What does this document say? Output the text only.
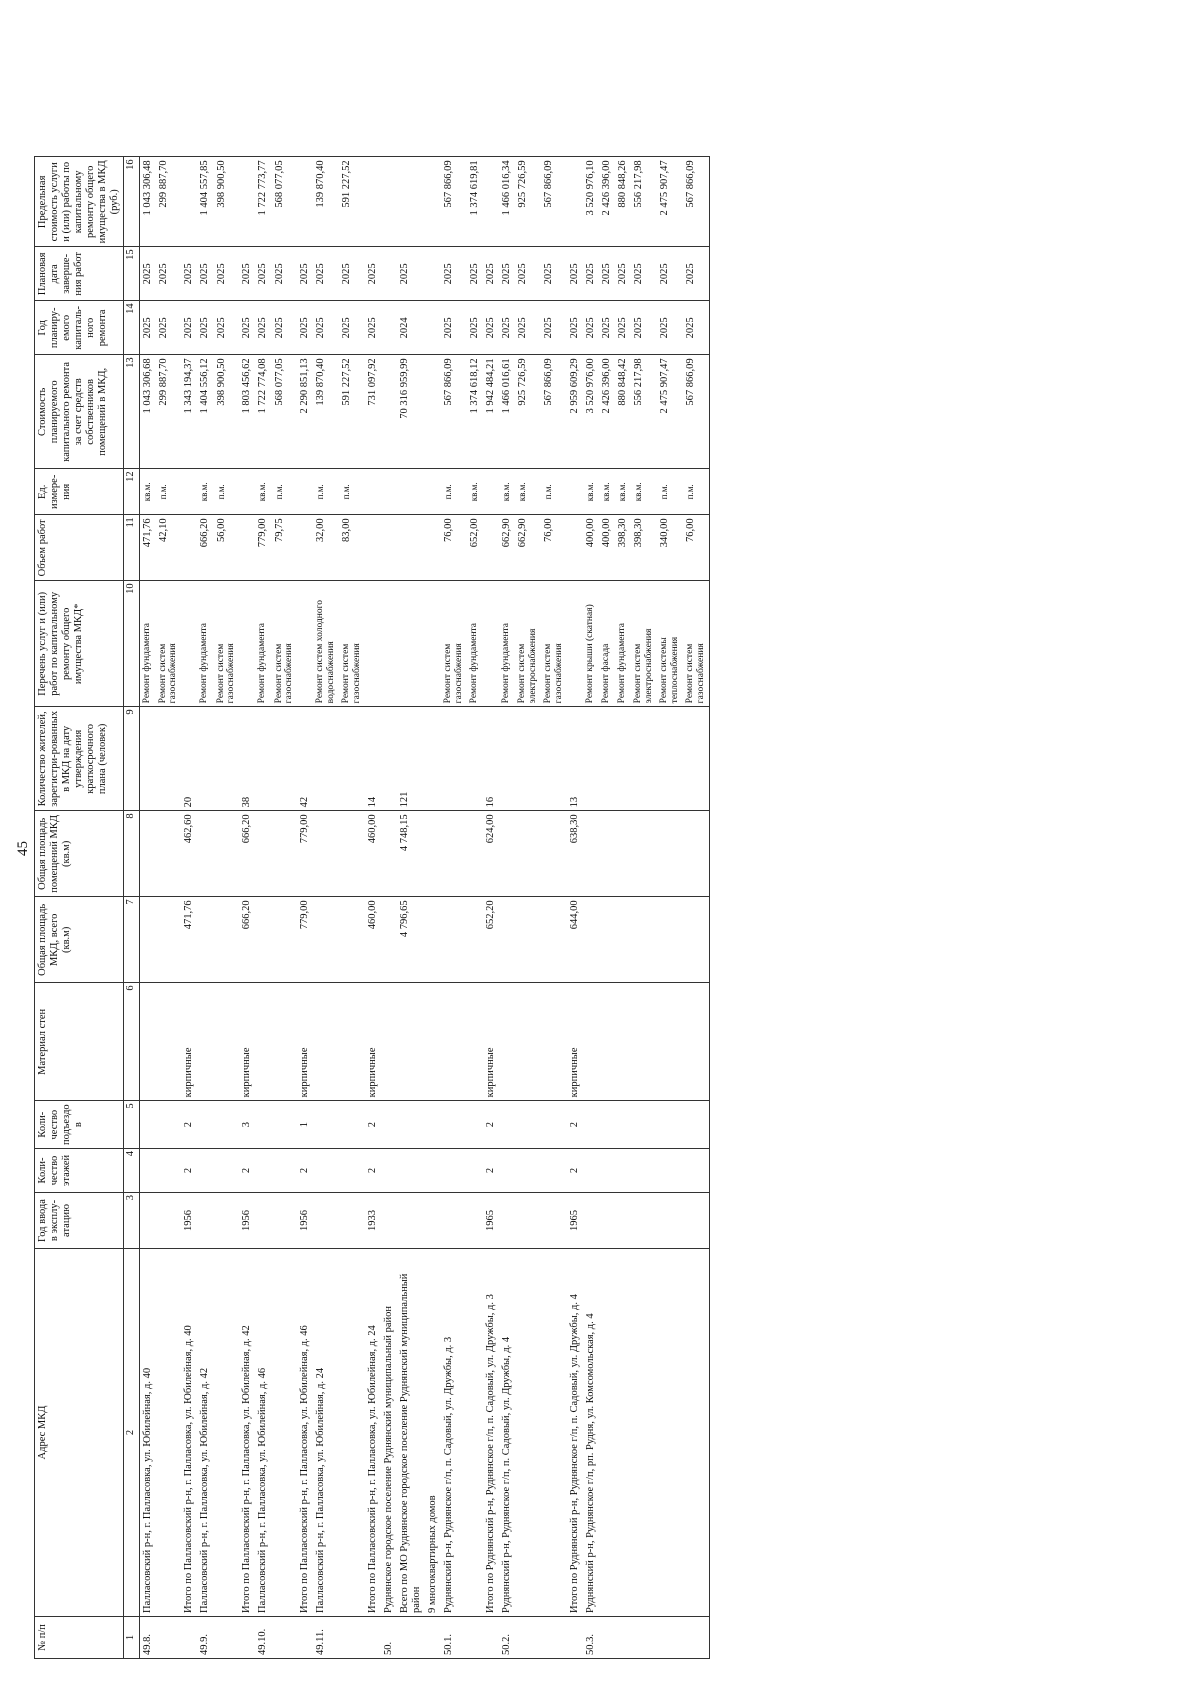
45
№ п/п	Адрес МКД	Год ввода в эксплу-атацию	Коли-чество этажей	Коли-чество подъездо в	Материал стен	Общая площадь МКД, всего (кв.м)	Общая площадь помещений МКД (кв.м)	Количество жителей, зарегистри-рованных в МКД на дату утверждения краткосрочного плана (человек)	Перечень услуг и (или) работ по капитальному ремонту общего имущества МКД*	Объем работ	Ед. измере-ния	Стоимость планируемого капитального ремонта за счет средств собственников помещений в МКД,	Год планиру-емого капиталь-ного ремонта	Плановая дата заверше-ния работ	Предельная стоимость услуги и (или) работы по капитальному ремонту общего имущества в МКД (руб.)
1	2	3	4	5	6	7	8	9	10	11	12	13	14	15	16
49.8.	Палласовский р-н, г. Палласовка, ул. Юбилейная, д. 40								Ремонт фундамента	471,76	кв.м.	1 043 306,68	2025	2025	1 043 306,48
									Ремонт систем газоснабжения	42,10	п.м.	299 887,70	2025	2025	299 887,70
	Итого по Палласовский р-н, г. Палласовка, ул. Юбилейная, д. 40	1956	2	2	кирпичные	471,76	462,60	20				1 343 194,37	2025	2025	
49.9.	Палласовский р-н, г. Палласовка, ул. Юбилейная, д. 42								Ремонт фундамента	666,20	кв.м.	1 404 556,12	2025	2025	1 404 557,85
									Ремонт систем газоснабжения	56,00	п.м.	398 900,50	2025	2025	398 900,50
	Итого по Палласовский р-н, г. Палласовка, ул. Юбилейная, д. 42	1956	2	3	кирпичные	666,20	666,20	38				1 803 456,62	2025	2025	
49.10.	Палласовский р-н, г. Палласовка, ул. Юбилейная, д. 46								Ремонт фундамента	779,00	кв.м.	1 722 774,08	2025	2025	1 722 773,77
									Ремонт систем газоснабжения	79,75	п.м.	568 077,05	2025	2025	568 077,05
	Итого по Палласовский р-н, г. Палласовка, ул. Юбилейная, д. 46	1956	2	1	кирпичные	779,00	779,00	42				2 290 851,13	2025	2025	
49.11.	Палласовский р-н, г. Палласовка, ул. Юбилейная, д. 24								Ремонт систем холодного водоснабжения	32,00	п.м.	139 870,40	2025	2025	139 870,40
									Ремонт систем газоснабжения	83,00	п.м.	591 227,52	2025	2025	591 227,52
	Итого по Палласовский р-н, г. Палласовка, ул. Юбилейная, д. 24	1933	2	2	кирпичные	460,00	460,00	14				731 097,92	2025	2025	
50.	Руднянское городское поселение Руднянский муниципальный район														
	Всего по МО Руднянское городское поселение Руднянский муниципальный район					4 796,65	4 748,15	121				70 316 959,99	2024	2025	
	9 многоквартирных домов														
50.1.	Руднянский р-н, Руднянское г/п, п. Садовый, ул. Дружбы, д. 3								Ремонт систем газоснабжения	76,00	п.м.	567 866,09	2025	2025	567 866,09
									Ремонт фундамента	652,00	кв.м.	1 374 618,12	2025	2025	1 374 619,81
	Итого по Руднянский р-н, Руднянское г/п, п. Садовый, ул. Дружбы, д. 3	1965	2	2	кирпичные	652,20	624,00	16				1 942 484,21	2025	2025	
50.2.	Руднянский р-н, Руднянское г/п, п. Садовый, ул. Дружбы, д. 4								Ремонт фундамента	662,90	кв.м.	1 466 016,61	2025	2025	1 466 016,34
									Ремонт систем электроснабжения	662,90	кв.м.	925 726,59	2025	2025	925 726,59
									Ремонт систем газоснабжения	76,00	п.м.	567 866,09	2025	2025	567 866,09
	Итого по Руднянский р-н, Руднянское г/п, п. Садовый, ул. Дружбы, д. 4	1965	2	2	кирпичные	644,00	638,30	13				2 959 609,29	2025	2025	
50.3.	Руднянский р-н, Руднянское г/п, рп. Рудня, ул. Комсомольская, д. 4								Ремонт крыши (скатная)	400,00	кв.м.	3 520 976,00	2025	2025	3 520 976,10
									Ремонт фасада	400,00	кв.м.	2 426 396,00	2025	2025	2 426 396,00
									Ремонт фундамента	398,30	кв.м.	880 848,42	2025	2025	880 848,26
									Ремонт систем электроснабжения	398,30	кв.м.	556 217,98	2025	2025	556 217,98
									Ремонт системы теплоснабжения	340,00	п.м.	2 475 907,47	2025	2025	2 475 907,47
									Ремонт систем газоснабжения	76,00	п.м.	567 866,09	2025	2025	567 866,09
